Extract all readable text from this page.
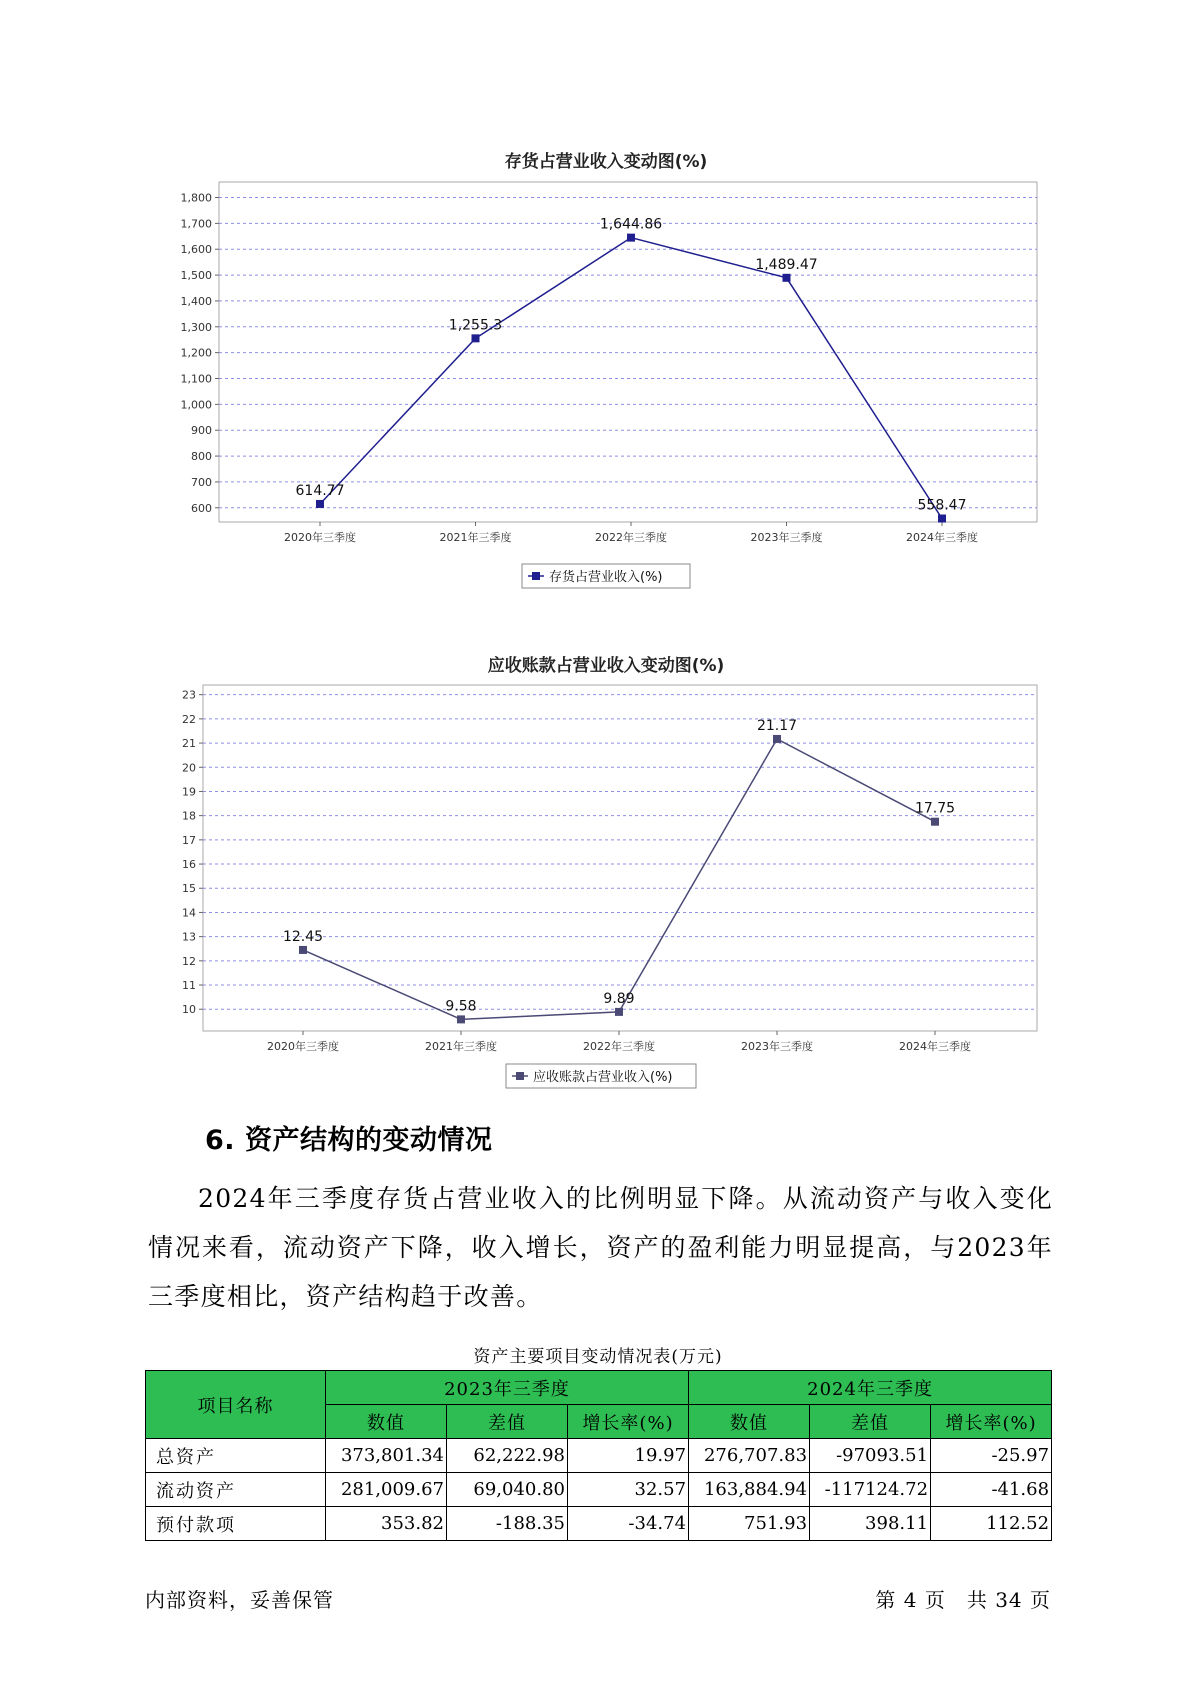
存货占营业收入变动图(%)
600
700
800
900
1,000
1,100
1,200
1,300
1,400
1,500
1,600
1,700
1,800
2020年三季度	2021年三季度	2022年三季度	2023年三季度	2024年三季度
614.77
1,255.3
1,644.86
1,489.47
558.47
存货占营业收入(%)
应收账款占营业收入变动图(%)
10
11
12
13
14
15
16
17
18
19
20
21
22
23
2020年三季度	2021年三季度	2022年三季度	2023年三季度	2024年三季度
12.45
9.58	9.89
21.17
17.75
应收账款占营业收入(%)
6. 资产结构的变动情况

2024年三季度存货占营业收入的比例明显下降。从流动资产与收入变化情况来看，流动资产下降，收入增长，资产的盈利能力明显提高，与2023年三季度相比，资产结构趋于改善。

资产主要项目变动情况表(万元)
项目名称	2023年三季度			2024年三季度		
	数值	差值	增长率(%)	数值	差值	增长率(%)
总资产	373,801.34	62,222.98	19.97	276,707.83	-97093.51	-25.97
流动资产	281,009.67	69,040.80	32.57	163,884.94	-117124.72	-41.68
预付款项	353.82	-188.35	-34.74	751.93	398.11	112.52
内部资料，妥善保管	第 4 页　共 34 页
